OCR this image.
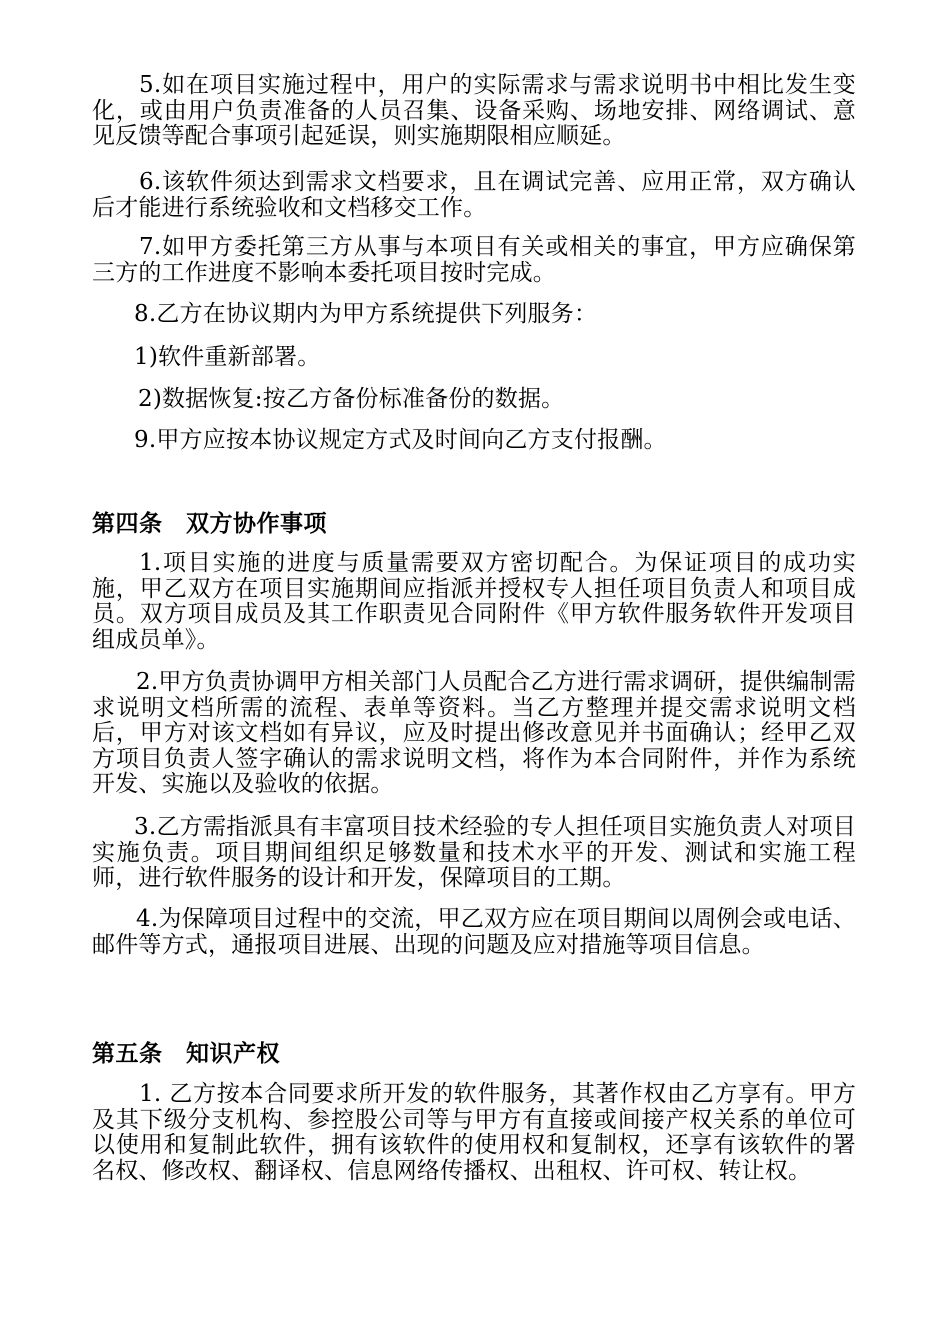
5.如在项目实施过程中，用户的实际需求与需求说明书中相比发生变化，或由用户负责准备的人员召集、设备采购、场地安排、网络调试、意见反馈等配合事项引起延误，则实施期限相应顺延。

6.该软件须达到需求文档要求，且在调试完善、应用正常，双方确认后才能进行系统验收和文档移交工作。

7.如甲方委托第三方从事与本项目有关或相关的事宜，甲方应确保第三方的工作进度不影响本委托项目按时完成。

8.乙方在协议期内为甲方系统提供下列服务：

1)软件重新部署。

2)数据恢复:按乙方备份标准备份的数据。

9.甲方应按本协议规定方式及时间向乙方支付报酬。

第四条　双方协作事项

1.项目实施的进度与质量需要双方密切配合。为保证项目的成功实施，甲乙双方在项目实施期间应指派并授权专人担任项目负责人和项目成员。双方项目成员及其工作职责见合同附件《甲方软件服务软件开发项目组成员单》。

2.甲方负责协调甲方相关部门人员配合乙方进行需求调研，提供编制需求说明文档所需的流程、表单等资料。当乙方整理并提交需求说明文档后，甲方对该文档如有异议，应及时提出修改意见并书面确认；经甲乙双方项目负责人签字确认的需求说明文档，将作为本合同附件，并作为系统开发、实施以及验收的依据。

3.乙方需指派具有丰富项目技术经验的专人担任项目实施负责人对项目实施负责。项目期间组织足够数量和技术水平的开发、测试和实施工程师，进行软件服务的设计和开发，保障项目的工期。

4.为保障项目过程中的交流，甲乙双方应在项目期间以周例会或电话、邮件等方式，通报项目进展、出现的问题及应对措施等项目信息。

第五条　知识产权

1. 乙方按本合同要求所开发的软件服务，其著作权由乙方享有。甲方及其下级分支机构、参控股公司等与甲方有直接或间接产权关系的单位可以使用和复制此软件，拥有该软件的使用权和复制权，还享有该软件的署名权、修改权、翻译权、信息网络传播权、出租权、许可权、转让权。
